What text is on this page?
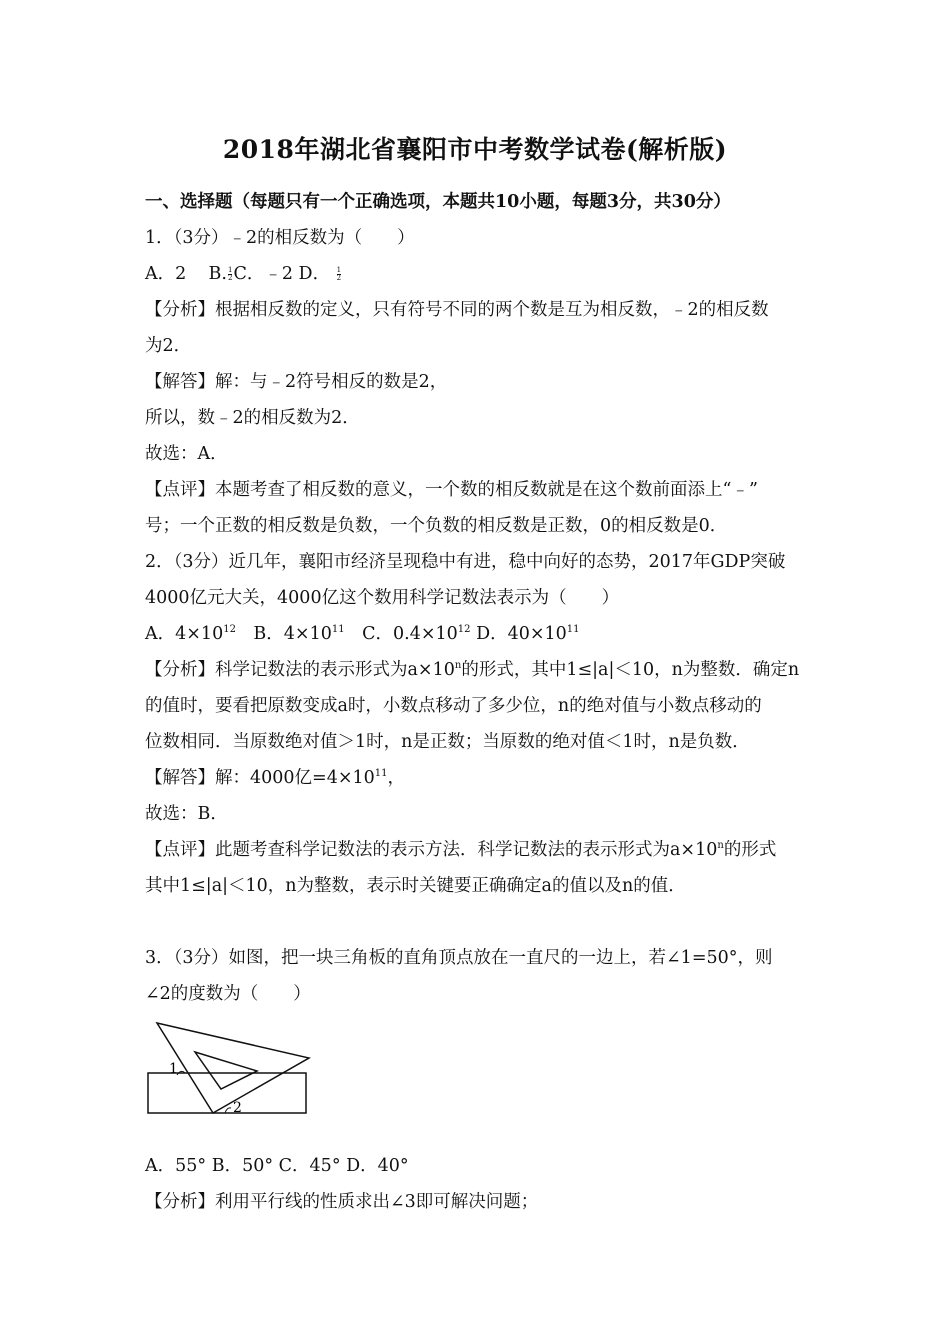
2018年湖北省襄阳市中考数学试卷(解析版)
一、选择题（每题只有一个正确选项，本题共10小题，每题3分，共30分）
1．（3分）﹣2的相反数为（　　）
A．2 B. $\frac{1}{2}$ C．﹣2 D． $\frac{1}{2}$
【分析】根据相反数的定义，只有符号不同的两个数是互为相反数，﹣2的相反数
为2．
【解答】解：与﹣2符号相反的数是2，
所以，数﹣2的相反数为2．
故选：A．
【点评】本题考查了相反数的意义，一个数的相反数就是在这个数前面添上“﹣”
号；一个正数的相反数是负数，一个负数的相反数是正数，0的相反数是0．
2．（3分）近几年，襄阳市经济呈现稳中有进，稳中向好的态势，2017年GDP突破
4000亿元大关，4000亿这个数用科学记数法表示为（　　）
A．$4\times 10^{12}$　B．$4\times 10^{11}$　C．$0.4\times 10^{12}$ D．$40\times 10^{11}$
【分析】科学记数法的表示形式为$a\times 10^n$的形式，其中1≤|a|＜10，n为整数．确定n
的值时，要看把原数变成a时，小数点移动了多少位，n的绝对值与小数点移动的
位数相同．当原数绝对值＞1时，n是正数；当原数的绝对值＜1时，n是负数．
【解答】解：4000亿$=4\times 10^{11}$，
故选：B．
【点评】此题考查科学记数法的表示方法．科学记数法的表示形式为$a\times 10^n$的形式
其中1≤|a|＜10，n为整数，表示时关键要正确确定a的值以及n的值．
3．（3分）如图，把一块三角板的直角顶点放在一直尺的一边上，若∠1=50°，则
∠2的度数为（　　）
1
2
A．55° B．50° C．45° D．40°
【分析】利用平行线的性质求出∠3即可解决问题；
